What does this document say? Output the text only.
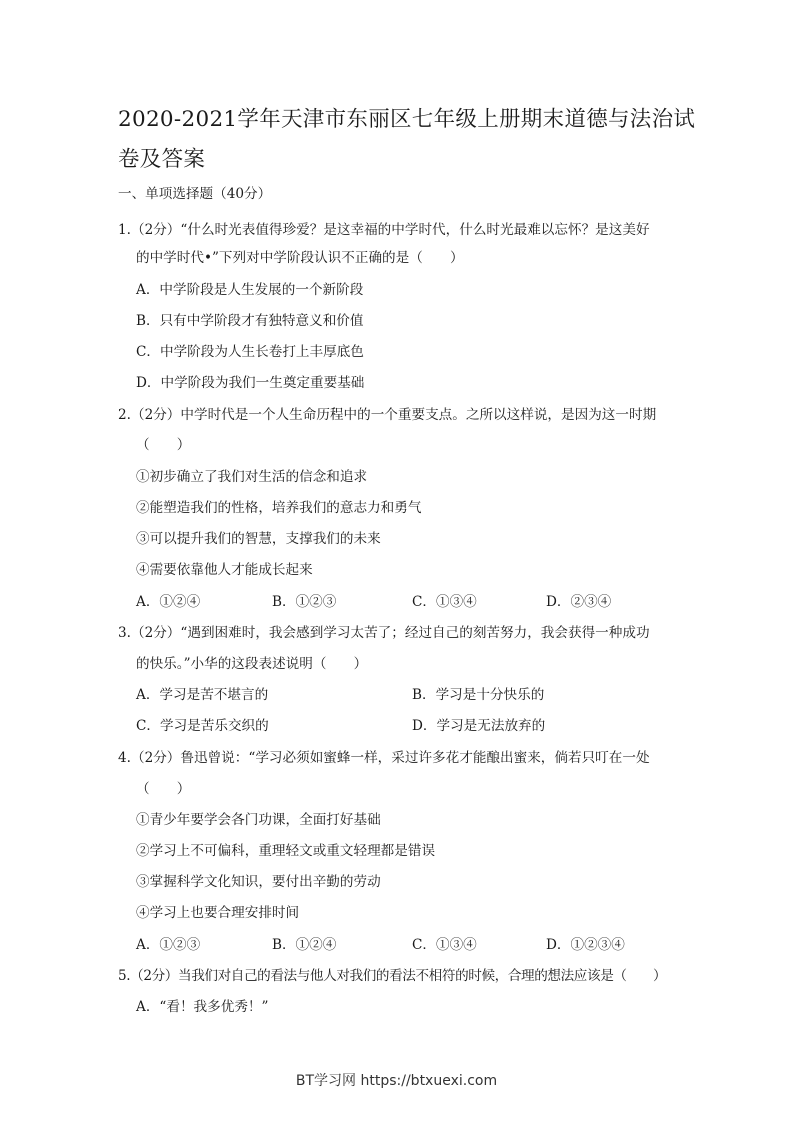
2020-2021学年天津市东丽区七年级上册期末道德与法治试卷及答案
一、单项选择题（40分）
1.（2分）“什么时光表值得珍爱？是这幸福的中学时代，什么时光最难以忘怀？是这美好
的中学时代•”下列对中学阶段认识不正确的是（　　）
A．中学阶段是人生发展的一个新阶段
B．只有中学阶段才有独特意义和价值
C．中学阶段为人生长卷打上丰厚底色
D．中学阶段为我们一生奠定重要基础
2.（2分）中学时代是一个人生命历程中的一个重要支点。之所以这样说，是因为这一时期
（　　）
①初步确立了我们对生活的信念和追求
②能塑造我们的性格，培养我们的意志力和勇气
③可以提升我们的智慧，支撑我们的未来
④需要依靠他人才能成长起来
A．①②④	B．①②③	C．①③④	D．②③④
3.（2分）“遇到困难时，我会感到学习太苦了；经过自己的刻苦努力，我会获得一种成功
的快乐。”小华的这段表述说明（　　）
A．学习是苦不堪言的	B．学习是十分快乐的
C．学习是苦乐交织的	D．学习是无法放弃的
4.（2分）鲁迅曾说：“学习必须如蜜蜂一样，采过许多花才能酿出蜜来，倘若只叮在一处
（　　）
①青少年要学会各门功课，全面打好基础
②学习上不可偏科，重理轻文或重文轻理都是错误
③掌握科学文化知识，要付出辛勤的劳动
④学习上也要合理安排时间
A．①②③	B．①②④	C．①③④	D．①②③④
5.（2分）当我们对自己的看法与他人对我们的看法不相符的时候，合理的想法应该是（　　）
A．“看！我多优秀！”
BT学习网 https://btxuexi.com
